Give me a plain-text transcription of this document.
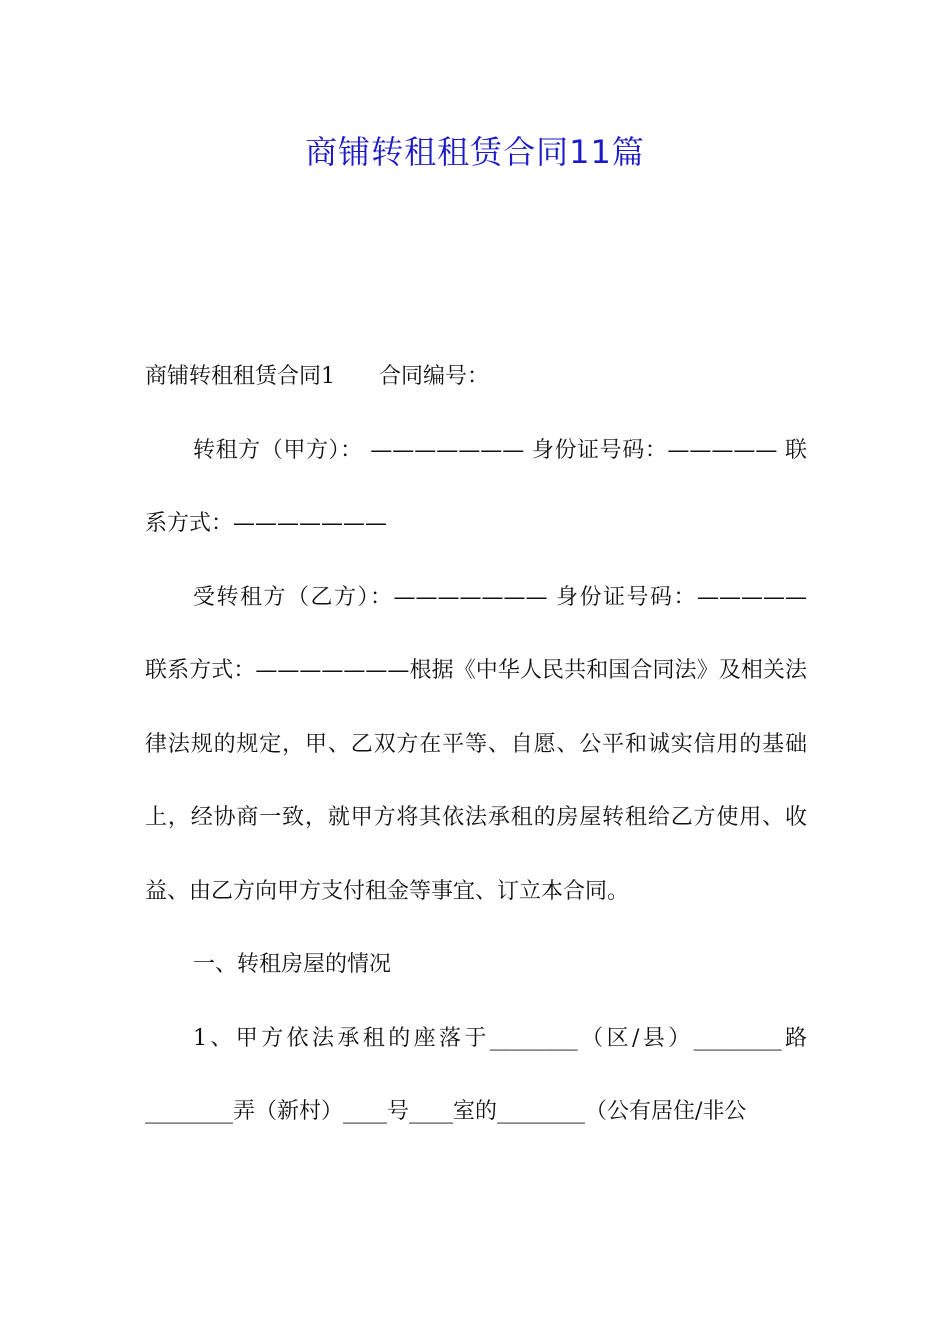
商铺转租租赁合同11篇

商铺转租租赁合同1 合同编号：

转租方（甲方）： ——————— 身份证号码：————— 联系方式：———————

受转租方（乙方）：——————— 身份证号码：————— 联系方式：———————根据《中华人民共和国合同法》及相关法律法规的规定，甲、乙双方在平等、自愿、公平和诚实信用的基础上，经协商一致，就甲方将其依法承租的房屋转租给乙方使用、收益、由乙方向甲方支付租金等事宜、订立本合同。

一、转租房屋的情况

1、甲方依法承租的座落于________（区/县）________路________弄（新村）____号____室的________（公有居住/非公
